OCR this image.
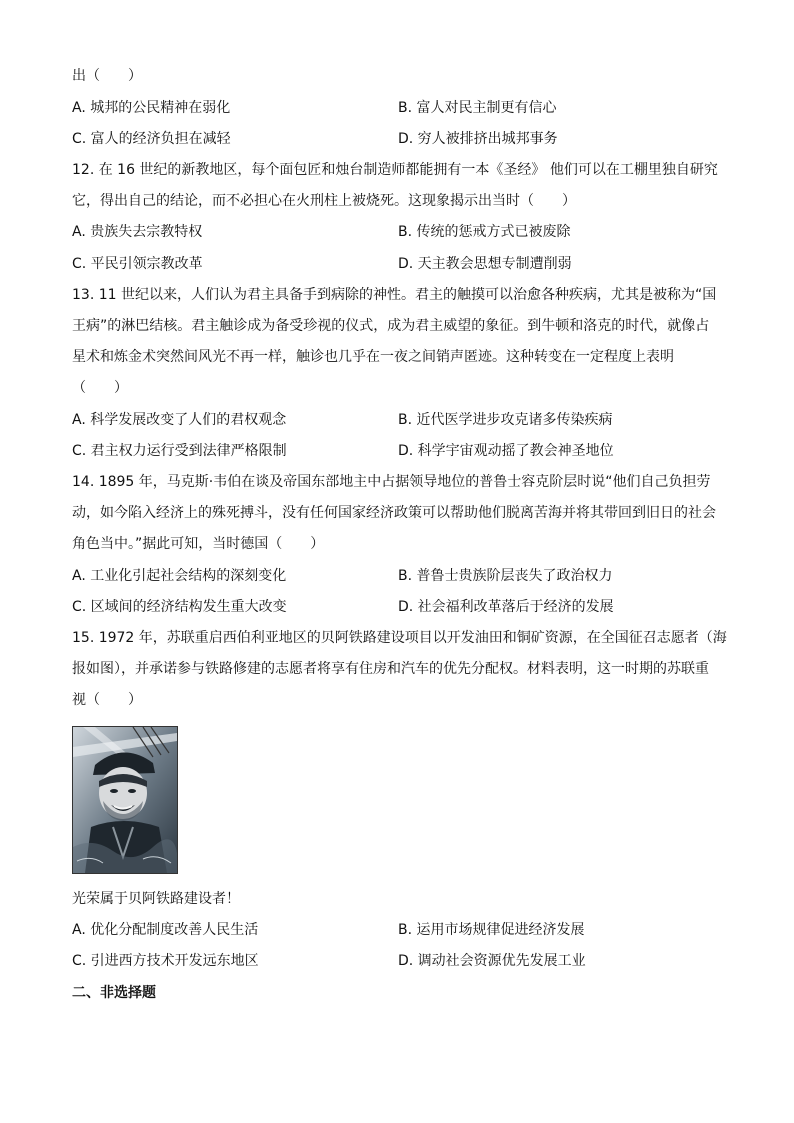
出（　　）
A. 城邦的公民精神在弱化	B. 富人对民主制更有信心
C. 富人的经济负担在减轻	D. 穷人被排挤出城邦事务
12. 在 16 世纪的新教地区，每个面包匠和烛台制造师都能拥有一本《圣经》 他们可以在工棚里独自研究
它，得出自己的结论，而不必担心在火刑柱上被烧死。这现象揭示出当时（　　）
A. 贵族失去宗教特权	B. 传统的惩戒方式已被废除
C. 平民引领宗教改革	D. 天主教会思想专制遭削弱
13. 11 世纪以来，人们认为君主具备手到病除的神性。君主的触摸可以治愈各种疾病，尤其是被称为“国
王病”的淋巴结核。君主触诊成为备受珍视的仪式，成为君主威望的象征。到牛顿和洛克的时代，就像占
星术和炼金术突然间风光不再一样，触诊也几乎在一夜之间销声匿迹。这种转变在一定程度上表明
（　　）
A. 科学发展改变了人们的君权观念	B. 近代医学进步攻克诸多传染疾病
C. 君主权力运行受到法律严格限制	D. 科学宇宙观动摇了教会神圣地位
14. 1895 年，马克斯·韦伯在谈及帝国东部地主中占据领导地位的普鲁士容克阶层时说“他们自己负担劳
动，如今陷入经济上的殊死搏斗，没有任何国家经济政策可以帮助他们脱离苦海并将其带回到旧日的社会
角色当中。”据此可知，当时德国（　　）
A. 工业化引起社会结构的深刻变化	B. 普鲁士贵族阶层丧失了政治权力
C. 区域间的经济结构发生重大改变	D. 社会福利改革落后于经济的发展
15. 1972 年，苏联重启西伯利亚地区的贝阿铁路建设项目以开发油田和铜矿资源，在全国征召志愿者（海
报如图），并承诺参与铁路修建的志愿者将享有住房和汽车的优先分配权。材料表明，这一时期的苏联重
视（　　）
光荣属于贝阿铁路建设者！
A. 优化分配制度改善人民生活	B. 运用市场规律促进经济发展
C. 引进西方技术开发远东地区	D. 调动社会资源优先发展工业
二、非选择题
